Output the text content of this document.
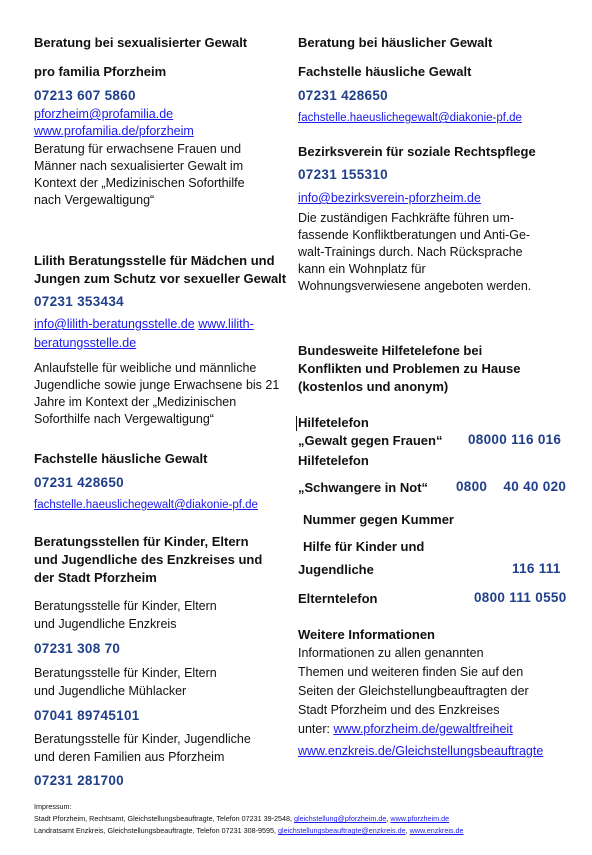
Beratung bei sexualisierter Gewalt
pro familia Pforzheim
07213 607 5860
pforzheim@profamilia.de
www.profamilia.de/pforzheim
Beratung für erwachsene Frauen und
Männer nach sexualisierter Gewalt im
Kontext der „Medizinischen Soforthilfe
nach Vergewaltigung“
Lilith Beratungsstelle für Mädchen und
Jungen zum Schutz vor sexueller Gewalt
07231 353434
info@lilith-beratungsstelle.de www.lilith-
beratungsstelle.de
Anlaufstelle für weibliche und männliche
Jugendliche sowie junge Erwachsene bis 21
Jahre im Kontext der „Medizinischen
Soforthilfe nach Vergewaltigung“
Fachstelle häusliche Gewalt
07231 428650
fachstelle.haeuslichegewalt@diakonie-pf.de
Beratungsstellen für Kinder, Eltern
und Jugendliche des Enzkreises und
der Stadt Pforzheim
Beratungsstelle für Kinder, Eltern
und Jugendliche Enzkreis
07231 308 70
Beratungsstelle für Kinder, Eltern
und Jugendliche Mühlacker
07041 89745101
Beratungsstelle für Kinder, Jugendliche
und deren Familien aus Pforzheim
07231 281700
Beratung bei häuslicher Gewalt
Fachstelle häusliche Gewalt
07231 428650
fachstelle.haeuslichegewalt@diakonie-pf.de
Bezirksverein für soziale Rechtspflege
07231 155310
info@bezirksverein-pforzheim.de
Die zuständigen Fachkräfte führen um-
fassende Konfliktberatungen und Anti-Ge-
walt-Trainings durch. Nach Rücksprache
kann ein Wohnplatz für
Wohnungsverwiesene angeboten werden.
Bundesweite Hilfetelefone bei
Konflikten und Problemen zu Hause
(kostenlos und anonym)
Hilfetelefon
„Gewalt gegen Frauen“ 08000 116 016
Hilfetelefon
„Schwangere in Not“ 0800    40 40 020
Nummer gegen Kummer
Hilfe für Kinder und
Jugendliche	116 111
Elterntelefon	0800 111 0550
Weitere Informationen
Informationen zu allen genannten
Themen und weiteren finden Sie auf den
Seiten der Gleichstellungbeauftragten der
Stadt Pforzheim und des Enzkreises
unter: www.pforzheim.de/gewaltfreiheit
www.enzkreis.de/Gleichstellungsbeauftragte
Impressum:
Stadt Pforzheim, Rechtsamt, Gleichstellungsbeauftragte, Telefon 07231 39-2548, gleichstellung@pforzheim.de, www.pforzheim.de
Landratsamt Enzkreis, Gleichstellungsbeauftragte, Telefon 07231 308-9595, gleichstellungsbeauftragte@enzkreis.de, www.enzkreis.de
